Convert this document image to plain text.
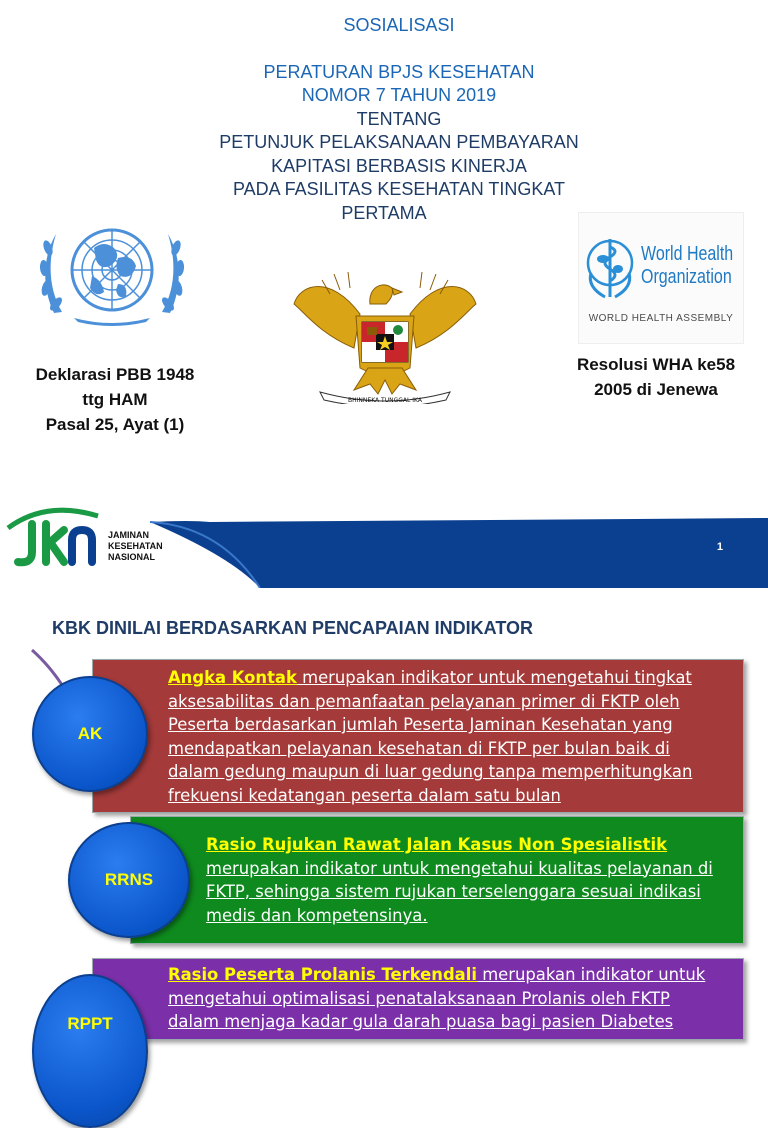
SOSIALISASI
PERATURAN BPJS KESEHATAN
NOMOR 7 TAHUN 2019
TENTANG
PETUNJUK PELAKSANAAN PEMBAYARAN
KAPITASI BERBASIS KINERJA
PADA FASILITAS KESEHATAN TINGKAT
PERTAMA
Deklarasi PBB 1948
ttg HAM
Pasal 25, Ayat (1)
BHINNEKA TUNGGAL IKA
World Health
Organization
WORLD HEALTH ASSEMBLY
Resolusi WHA ke58
2005 di Jenewa
JAMINAN
KESEHATAN
NASIONAL
1
KBK DINILAI BERDASARKAN PENCAPAIAN INDIKATOR

Angka Kontak merupakan indikator untuk mengetahui tingkat
aksesabilitas dan pemanfaatan pelayanan primer di FKTP oleh
Peserta berdasarkan jumlah Peserta Jaminan Kesehatan yang
mendapatkan pelayanan kesehatan di FKTP per bulan baik di
dalam gedung maupun di luar gedung tanpa memperhitungkan
frekuensi kedatangan peserta dalam satu bulan

AK

Rasio Rujukan Rawat Jalan Kasus Non Spesialistik
merupakan indikator untuk mengetahui kualitas pelayanan di
FKTP, sehingga sistem rujukan terselenggara sesuai indikasi
medis dan kompetensinya.

RRNS

Rasio Peserta Prolanis Terkendali merupakan indikator untuk
mengetahui optimalisasi penatalaksanaan Prolanis oleh FKTP
dalam menjaga kadar gula darah puasa bagi pasien Diabetes

RPPT
